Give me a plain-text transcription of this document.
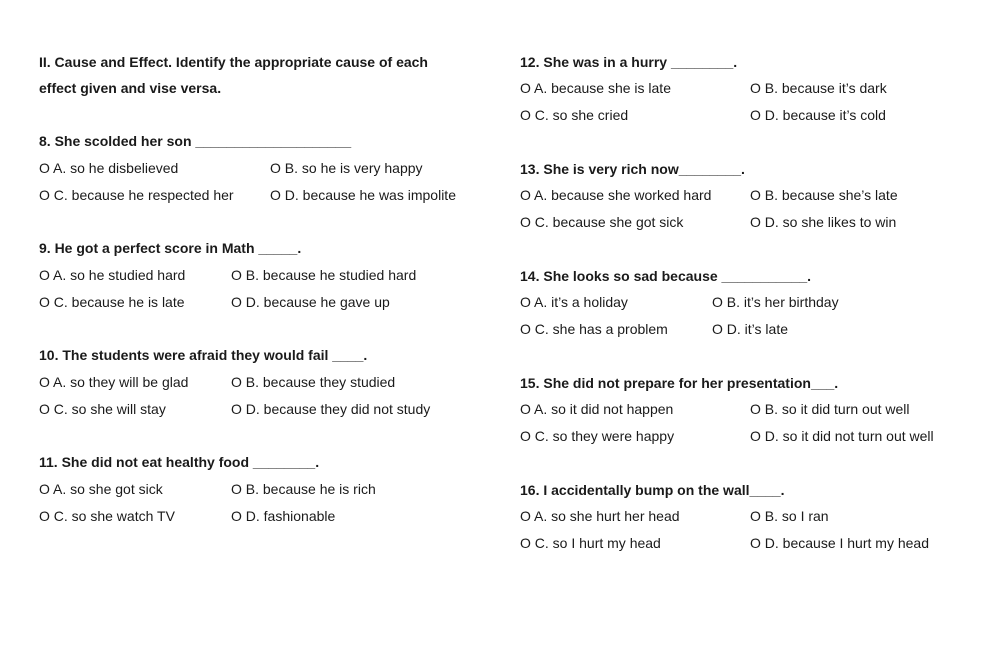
II. Cause and Effect. Identify the appropriate cause of each
effect given and vise versa.
8. She scolded her son ____________________
O A. so he disbelieved	O B. so he is very happy
O C. because he respected her	O D. because he was impolite
9. He got a perfect score in Math _____.
O A. so he studied hard	O B. because he studied hard
O C. because he is late	O D. because he gave up
10. The students were afraid they would fail ____.
O A. so they will be glad	O B. because they studied
O C. so she will stay	O D. because they did not study
11. She did not eat healthy food ________.
O A. so she got sick	O B. because he is rich
O C. so she watch TV	O D. fashionable
12. She was in a hurry ________.
O A. because she is late	O B. because it’s dark
O C. so she cried	O D. because it’s cold
13. She is very rich now________.
O A. because she worked hard	O B. because she’s late
O C. because she got sick	O D. so she likes to win
14. She looks so sad because ___________.
O A. it’s a holiday	O B. it’s her birthday
O C. she has a problem	O D. it’s late
15. She did not prepare for her presentation___.
O A. so it did not happen	O B. so it did turn out well
O C. so they were happy	O D. so it did not turn out well
16. I accidentally bump on the wall____.
O A. so she hurt her head	O B. so I ran
O C. so I hurt my head	O D. because I hurt my head
